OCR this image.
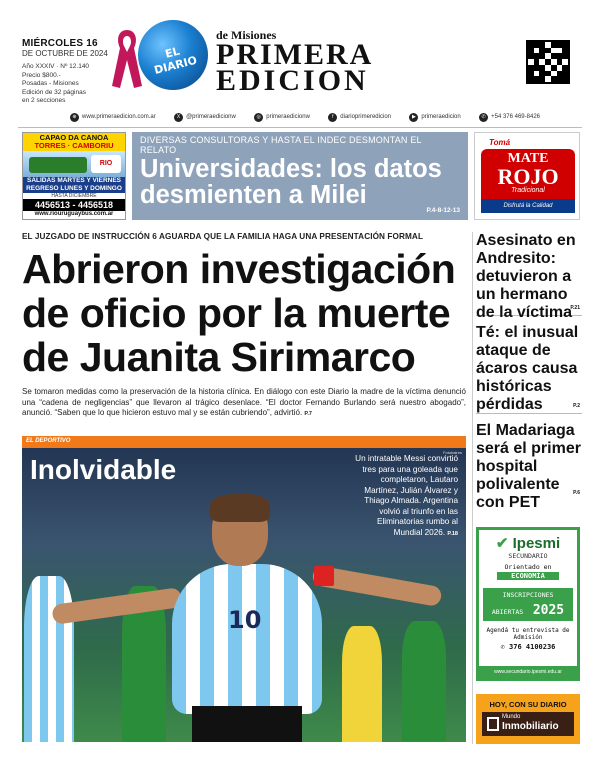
MIÉRCOLES 16
DE OCTUBRE DE 2024
Año XXXIV · Nº 12.140
Precio $800.-
Posadas - Misiones
Edición de 32 páginas
en 2 secciones
EL DIARIO
de Misiones
PRIMERA
EDICION
⊕ www.primeraedicion.com.ar	X @primeraedicionw	◎ primeraedicionw	f	diarioprimeredicion	▶ primeraedicion	✆ +54 376 469-8426
CAPAO DA CANOA
TORRES · CAMBORIU
RIO
SALIDAS MARTES Y VIERNES
REGRESO LUNES Y DOMINGO
HASTA DICIEMBRE
4456513 - 4456518
www.riouruguaybus.com.ar
DIVERSAS CONSULTORAS Y HASTA EL INDEC DESMONTAN EL RELATO
Universidades: los datos desmienten a Milei
P.4-8-12-13
Tomá
MATE
ROJO
Tradicional
Disfrutá la Calidad
EL JUZGADO DE INSTRUCCIÓN 6 AGUARDA QUE LA FAMILIA HAGA UNA PRESENTACIÓN FORMAL
Abrieron investigación de oficio por la muerte de Juanita Sirimarco
Se tomaron medidas como la preservación de la historia clínica. En diálogo con este Diario la madre de la víctima denunció una “cadena de negligencias” que llevaron al trágico desenlace. “El doctor Fernando Burlando será nuestro abogado”, anunció. “Saben que lo que hicieron estuvo mal y se están cubriendo”, advirtió. P.7
10
EL DEPORTIVO
Fotobaires
Inolvidable	Un intratable Messi convirtió tres para una goleada que completaron, Lautaro Martínez, Julián Álvarez y Thiago Almada. Argentina volvió al triunfo en las Eliminatorias rumbo al Mundial 2026. P.18
Asesinato en Andresito: detuvieron a un hermano de la víctima
P.21
Té: el inusual ataque de ácaros causa históricas pérdidas	P.2
El Madariaga será el primer hospital polivalente con PET
P.6
✔ Ipesmi
SECUNDARIO
Orientado en
ECONOMÍA
INSCRIPCIONES
ABIERTAS 2025
Agendá tu entrevista de Admisión
✆ 376 4100236
www.secundario.ipesmi.edu.ar
HOY, CON SU DIARIO
Mundo
Inmobiliario
